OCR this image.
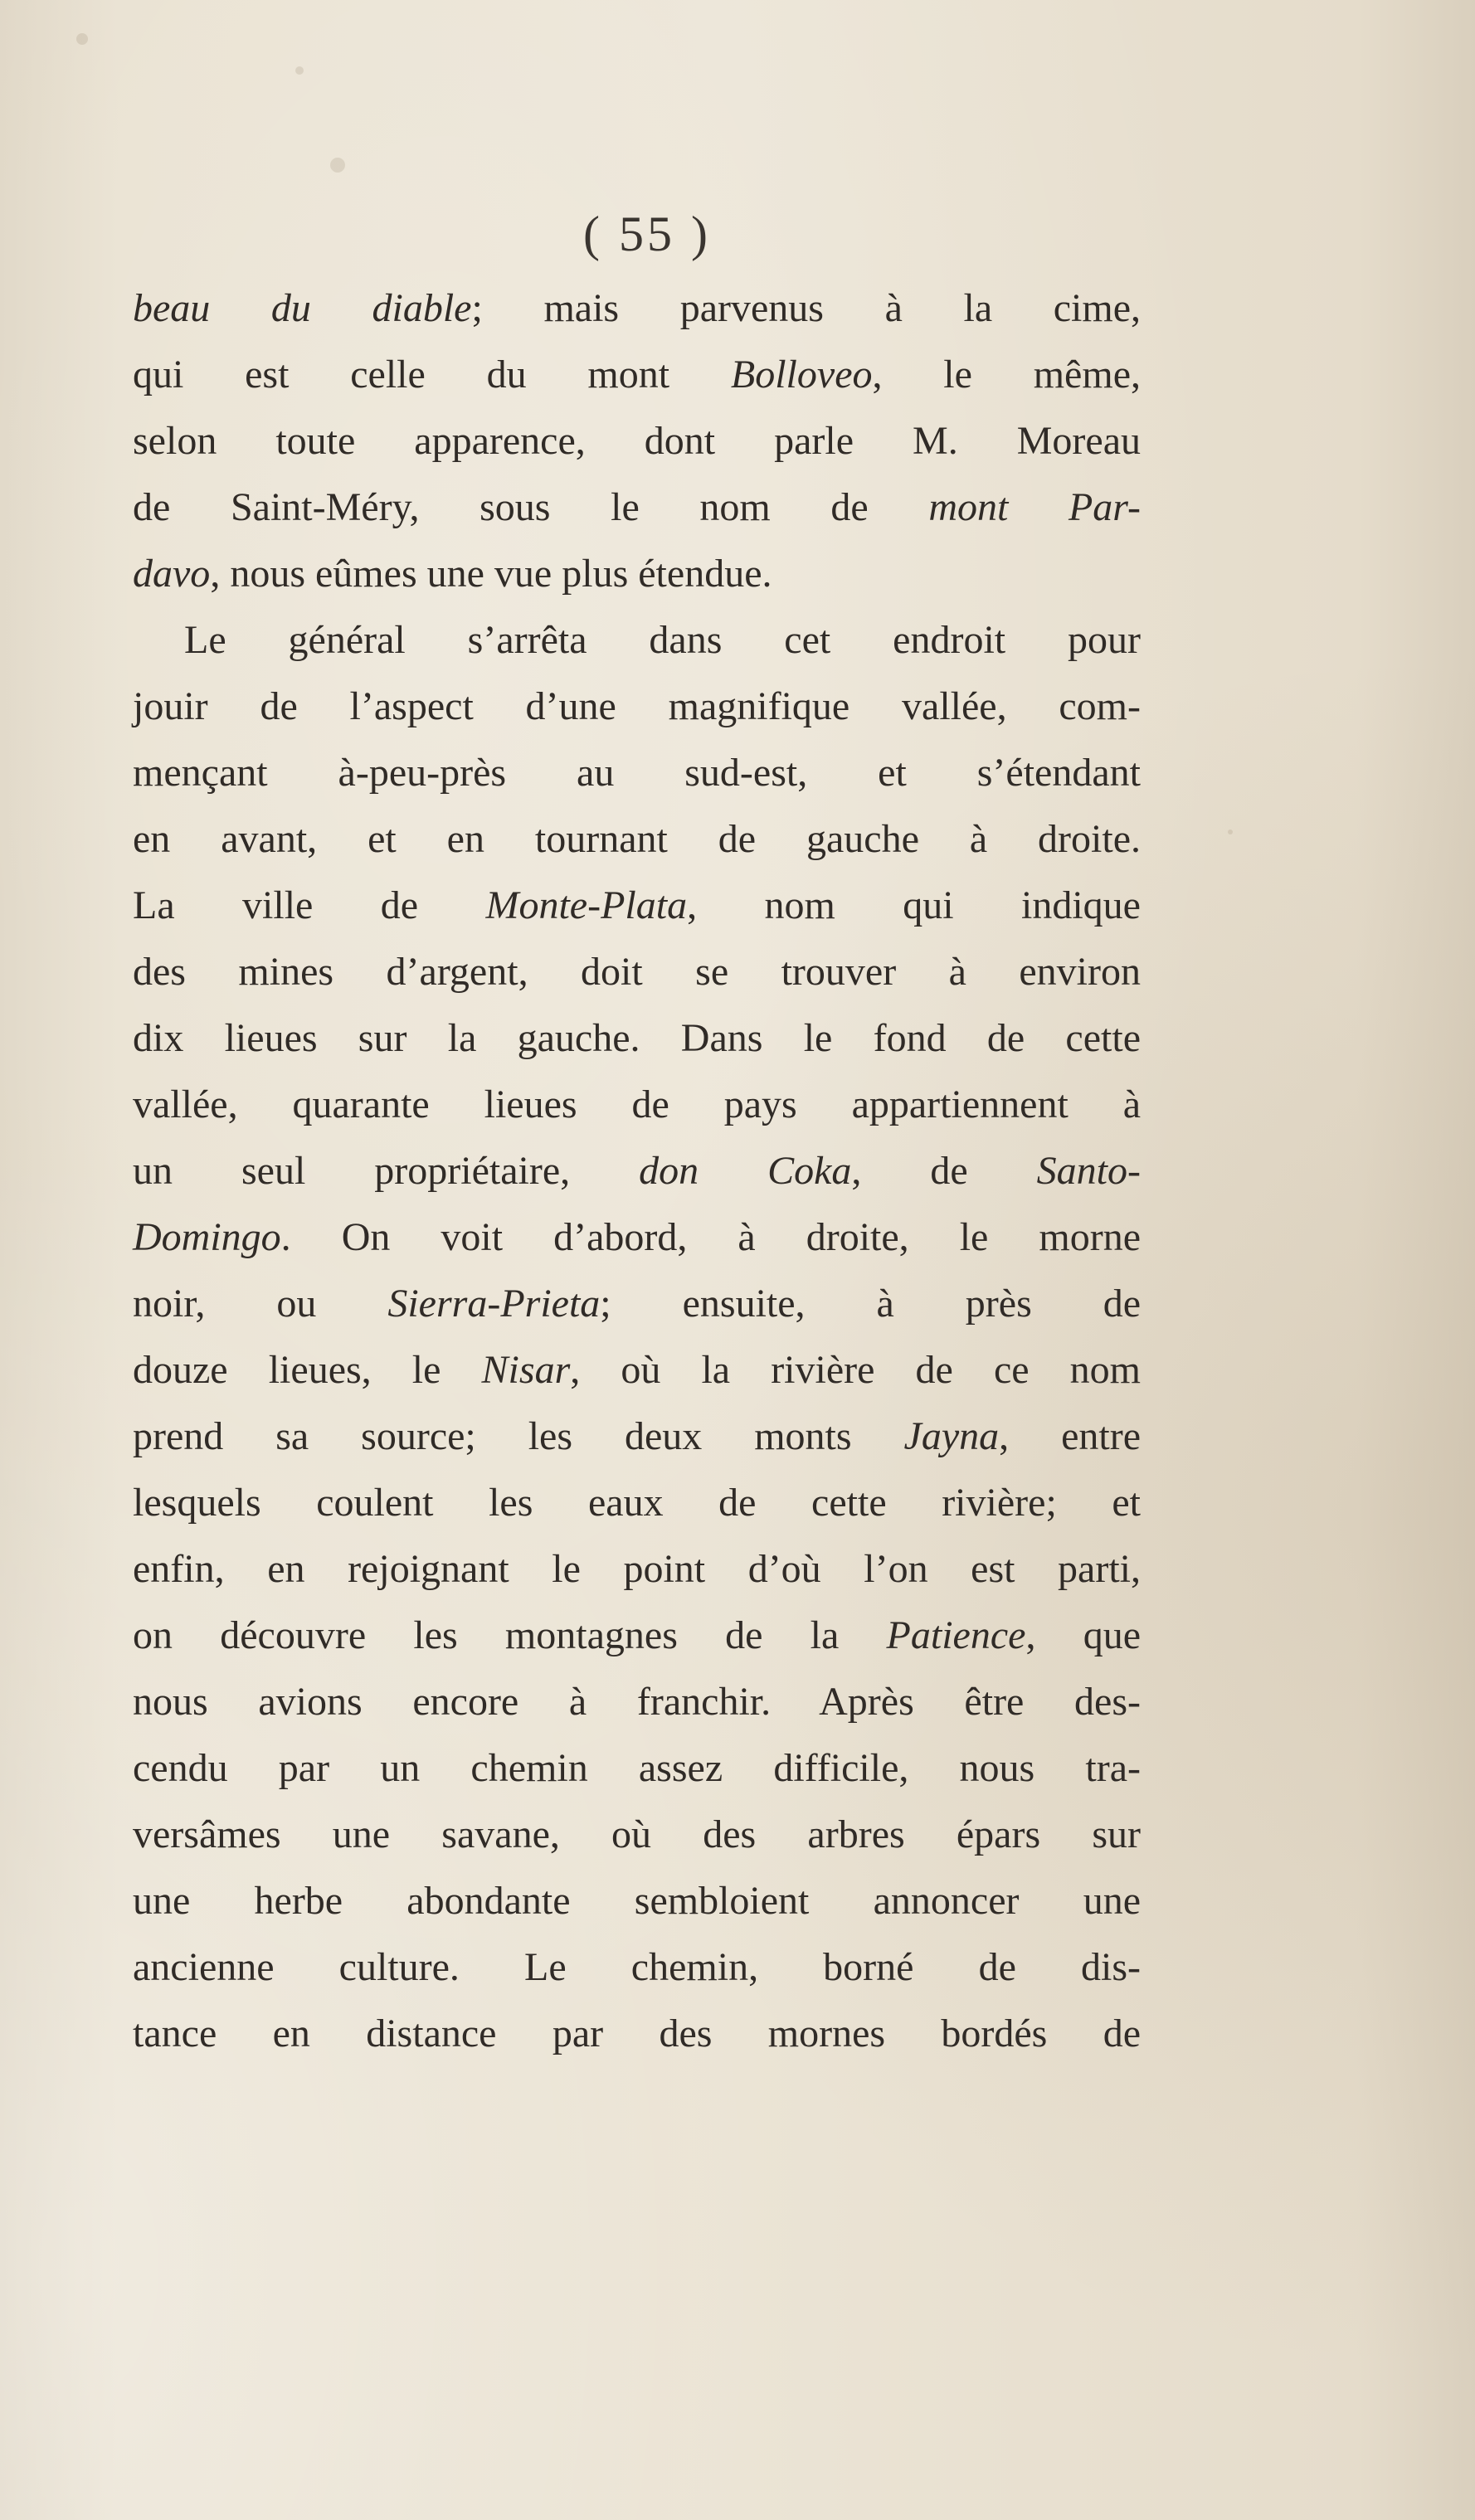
( 55 )
beau du diable; mais parvenus à la cime,
qui est celle du mont Bolloveo, le même,
selon toute apparence, dont parle M. Moreau
de Saint-Méry, sous le nom de mont Par-
davo, nous eûmes une vue plus étendue.
Le général s’arrêta dans cet endroit pour
jouir de l’aspect d’une magnifique vallée, com-
mençant à-peu-près au sud-est, et s’étendant
en avant, et en tournant de gauche à droite.
La ville de Monte-Plata, nom qui indique
des mines d’argent, doit se trouver à environ
dix lieues sur la gauche. Dans le fond de cette
vallée, quarante lieues de pays appartiennent à
un seul propriétaire, don Coka, de Santo-
Domingo. On voit d’abord, à droite, le morne
noir, ou Sierra-Prieta; ensuite, à près de
douze lieues, le Nisar, où la rivière de ce nom
prend sa source; les deux monts Jayna, entre
lesquels coulent les eaux de cette rivière; et
enfin, en rejoignant le point d’où l’on est parti,
on découvre les montagnes de la Patience, que
nous avions encore à franchir. Après être des-
cendu par un chemin assez difficile, nous tra-
versâmes une savane, où des arbres épars sur
une herbe abondante sembloient annoncer une
ancienne culture. Le chemin, borné de dis-
tance en distance par des mornes bordés de
